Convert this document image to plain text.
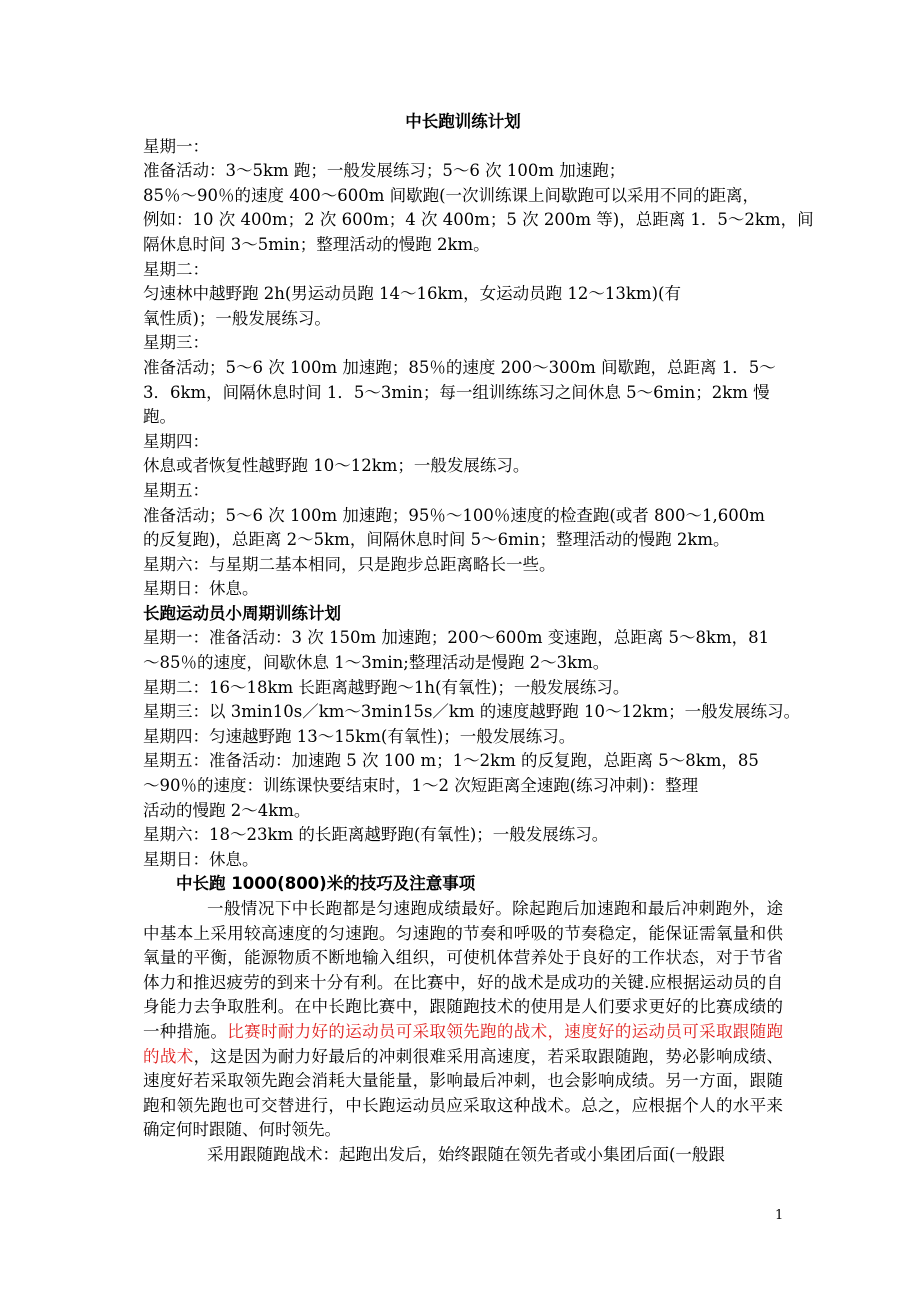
中长跑训练计划
星期一：
准备活动：3～5km 跑；一般发展练习；5～6 次 100m 加速跑；
85％～90％的速度 400～600m 间歇跑(一次训练课上间歇跑可以采用不同的距离，
例如：10 次 400m；2 次 600m；4 次 400m；5 次 200m 等)，总距离 1．5～2km，间
隔休息时间 3～5min；整理活动的慢跑 2km。
星期二：
匀速林中越野跑 2h(男运动员跑 14～16km，女运动员跑 12～13km)(有
氧性质)；一般发展练习。
星期三：
准备活动；5～6 次 100m 加速跑；85％的速度 200～300m 间歇跑，总距离 1．5～
3．6km，间隔休息时间 1．5～3min；每一组训练练习之间休息 5～6min；2km 慢
跑。
星期四：
休息或者恢复性越野跑 10～12km；一般发展练习。
星期五：
准备活动；5～6 次 100m 加速跑；95％～100％速度的检查跑(或者 800～1,600m
的反复跑)，总距离 2～5km，间隔休息时间 5～6min；整理活动的慢跑 2km。
星期六：与星期二基本相同，只是跑步总距离略长一些。
星期日：休息。
长跑运动员小周期训练计划
星期一：准备活动：3 次 150m 加速跑；200～600m 变速跑，总距离 5～8km，81
～85％的速度，间歇休息 1～3min;整理活动是慢跑 2～3km。
星期二：16～18km 长距离越野跑～1h(有氧性)；一般发展练习。
星期三：以 3min10s／km～3min15s／km 的速度越野跑 10～12km；一般发展练习。
星期四：匀速越野跑 13～15km(有氧性)；一般发展练习。
星期五：准备活动：加速跑 5 次 100 m；1～2km 的反复跑，总距离 5～8km，85
～90％的速度：训练课快要结束时，1～2 次短距离全速跑(练习冲刺)：整理
活动的慢跑 2～4km。
星期六：18～23km 的长距离越野跑(有氧性)；一般发展练习。
星期日：休息。
中长跑 1000(800)米的技巧及注意事项
一般情况下中长跑都是匀速跑成绩最好。除起跑后加速跑和最后冲刺跑外，途中基本上采用较高速度的匀速跑。匀速跑的节奏和呼吸的节奏稳定，能保证需氧量和供氧量的平衡，能源物质不断地输入组织，可使机体营养处于良好的工作状态，对于节省体力和推迟疲劳的到来十分有利。在比赛中，好的战术是成功的关键.应根据运动员的自身能力去争取胜利。在中长跑比赛中，跟随跑技术的使用是人们要求更好的比赛成绩的一种措施。比赛时耐力好的运动员可采取领先跑的战术，速度好的运动员可采取跟随跑的战术，这是因为耐力好最后的冲刺很难采用高速度，若采取跟随跑，势必影响成绩、速度好若采取领先跑会消耗大量能量，影响最后冲刺，也会影响成绩。另一方面，跟随跑和领先跑也可交替进行，中长跑运动员应采取这种战术。总之，应根据个人的水平来确定何时跟随、何时领先。
采用跟随跑战术：起跑出发后，始终跟随在领先者或小集团后面(一般跟
1
